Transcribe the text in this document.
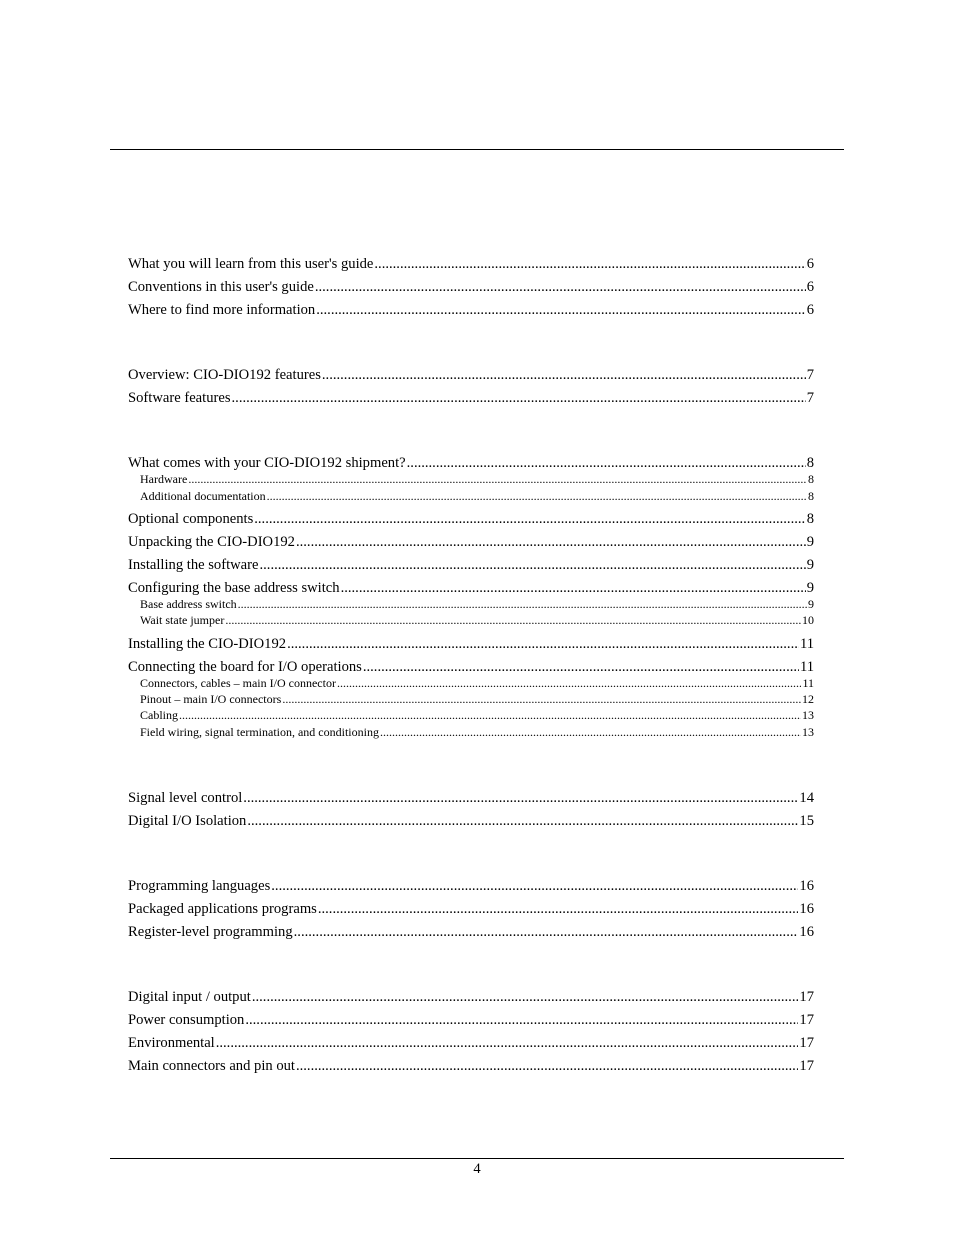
What you will learn from this user's guide .....	6
Conventions in this user's guide .....	6
Where to find more information .....	6
Overview: CIO-DIO192 features .....	7
Software features .....	7
What comes with your CIO-DIO192 shipment? .....	8
Hardware .....	8
Additional documentation .....	8
Optional components .....	8
Unpacking the CIO-DIO192 .....	9
Installing the software .....	9
Configuring the base address switch .....	9
Base address switch .....	9
Wait state jumper .....	10
Installing the CIO-DIO192 .....	11
Connecting the board for I/O operations .....	11
Connectors, cables – main I/O connector .....	11
Pinout – main I/O connectors .....	12
Cabling .....	13
Field wiring, signal termination, and conditioning .....	13
Signal level control .....	14
Digital I/O Isolation .....	15
Programming languages .....	16
Packaged applications programs .....	16
Register-level programming .....	16
Digital input / output .....	17
Power consumption .....	17
Environmental .....	17
Main connectors and pin out .....	17
4
